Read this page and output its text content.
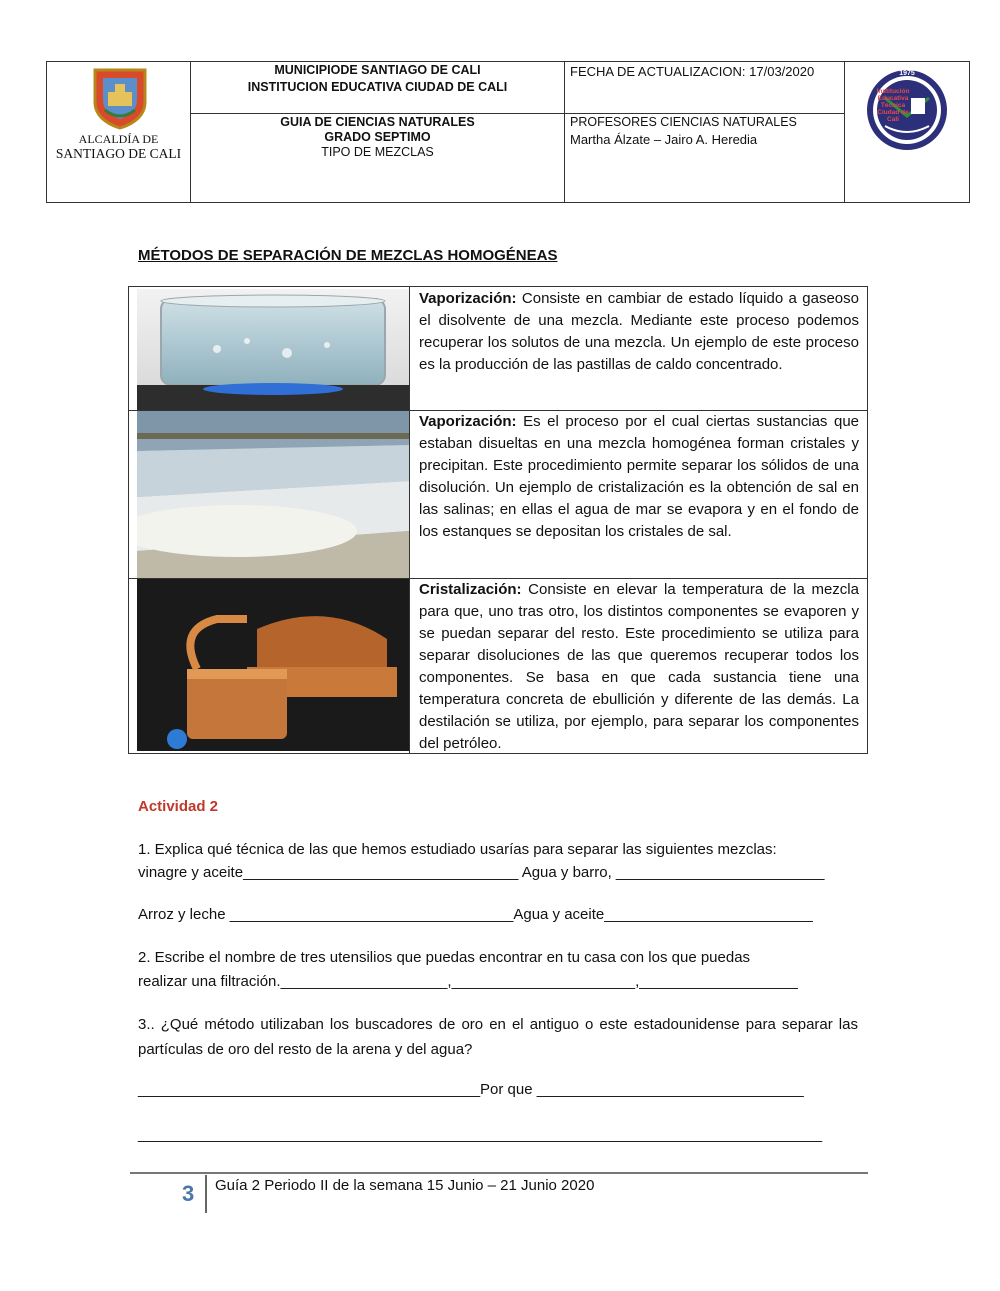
ALCALDÍA DE
SANTIAGO DE CALI
MUNICIPIODE SANTIAGO DE CALI
INSTITUCION EDUCATIVA CIUDAD DE CALI
GUIA DE CIENCIAS NATURALES
GRADO SEPTIMO
TIPO DE MEZCLAS
FECHA DE ACTUALIZACION: 17/03/2020
PROFESORES CIENCIAS NATURALES
Martha Álzate – Jairo A. Heredia
1975
Institución
Educativa
Técnica
Ciudad de Cali
MÉTODOS DE SEPARACIÓN DE MEZCLAS HOMOGÉNEAS
Vaporización: Consiste en cambiar de estado líquido a gaseoso el disolvente de una mezcla. Mediante este proceso podemos recuperar los solutos de una mezcla. Un ejemplo de este proceso es la producción de las pastillas de caldo concentrado.
Vaporización: Es el proceso por el cual ciertas sustancias que estaban disueltas en una mezcla homogénea forman cristales y precipitan. Este procedimiento permite separar los sólidos de una disolución. Un ejemplo de cristalización es la obtención de sal en las salinas; en ellas el agua de mar se evapora y en el fondo de los estanques se depositan los cristales de sal.
Cristalización: Consiste en elevar la temperatura de la mezcla para que, uno tras otro, los distintos componentes se evaporen y se puedan separar del resto. Este procedimiento se utiliza para separar disoluciones de las que queremos recuperar todos los componentes. Se basa en que cada sustancia tiene una temperatura concreta de ebullición y diferente de las demás. La destilación se utiliza, por ejemplo, para separar los componentes del petróleo.
Actividad 2
1. Explica qué técnica de las que hemos estudiado usarías para separar las siguientes mezclas:
vinagre y aceite_________________________________ Agua y barro, _________________________
Arroz y leche __________________________________Agua y aceite_________________________
2. Escribe el nombre de tres utensilios que puedas encontrar en tu casa con los que puedas
realizar una filtración.____________________,______________________,___________________
3.. ¿Qué método utilizaban los buscadores de oro en el antiguo o este estadounidense para separar las partículas de oro del resto de la arena y del agua?
_________________________________________Por que ________________________________
__________________________________________________________________________________
3 Guía 2 Periodo II de la semana 15 Junio – 21 Junio 2020
